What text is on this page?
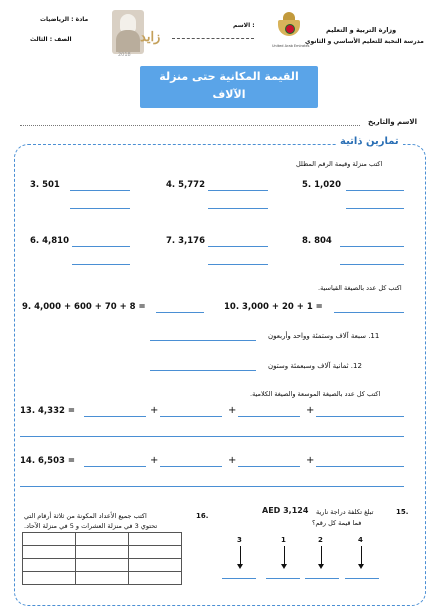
مادة : الرياضيات
الصف : الثالث	زايد
2018
الاسم :
United Arab Emirates
وزارة التربية و التعليم
مدرسة النخبة للتعليم الأساسي و الثانوي
القيمة المكانية حتى منزلة
الآلاف
الاسم والتاريخ
تمارين ذاتية
اكتب منزلة وقيمة الرقم المظلل
3. 501	4. 5,772	5. 1,020
6. 4,810	7. 3,176	8. 804
اكتب كل عدد بالصيغة القياسية.
9. 4,000 + 600 + 70 + 8 =	10. 3,000 + 20 + 1 =
11. سبعة آلاف وستمئة وواحد وأربعون
12. ثمانية آلاف وسبعمئة وستون
اكتب كل عدد بالصيغة الموسعة والصيغة الكلامية.
13. 4,332 =	+	+	+
14. 6,503 =	+	+	+
16.
اكتب جميع الأعداد المكونة من ثلاثة أرقام التي
تحتوي 3 في منزلة العشرات و 5 في منزلة الآحاد.

15.
تبلغ تكلفة دراجة نارية
AED 3,124
فما قيمة كل رقم؟
3	1	2	4
